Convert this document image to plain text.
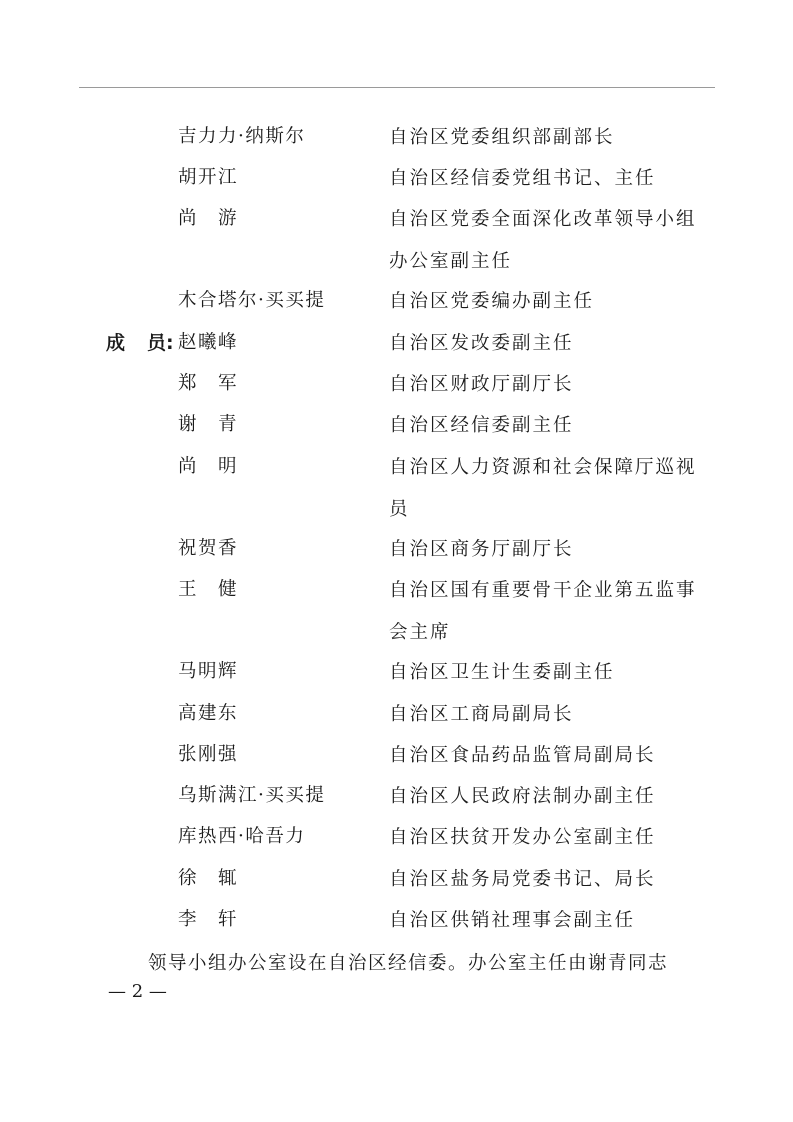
吉力力·纳斯尔	自治区党委组织部副部长
胡开江	自治区经信委党组书记、主任
尚　游	自治区党委全面深化改革领导小组办公室副主任
木合塔尔·买买提	自治区党委编办副主任
成 员: 赵曦峰	自治区发改委副主任
郑　军	自治区财政厅副厅长
谢　青	自治区经信委副主任
尚　明	自治区人力资源和社会保障厅巡视员
祝贺香	自治区商务厅副厅长
王　健	自治区国有重要骨干企业第五监事会主席
马明辉	自治区卫生计生委副主任
高建东	自治区工商局副局长
张刚强	自治区食品药品监管局副局长
乌斯满江·买买提	自治区人民政府法制办副主任
库热西·哈吾力	自治区扶贫开发办公室副主任
徐　辄	自治区盐务局党委书记、局长
李　轩	自治区供销社理事会副主任
领导小组办公室设在自治区经信委。办公室主任由谢青同志
— 2 —
